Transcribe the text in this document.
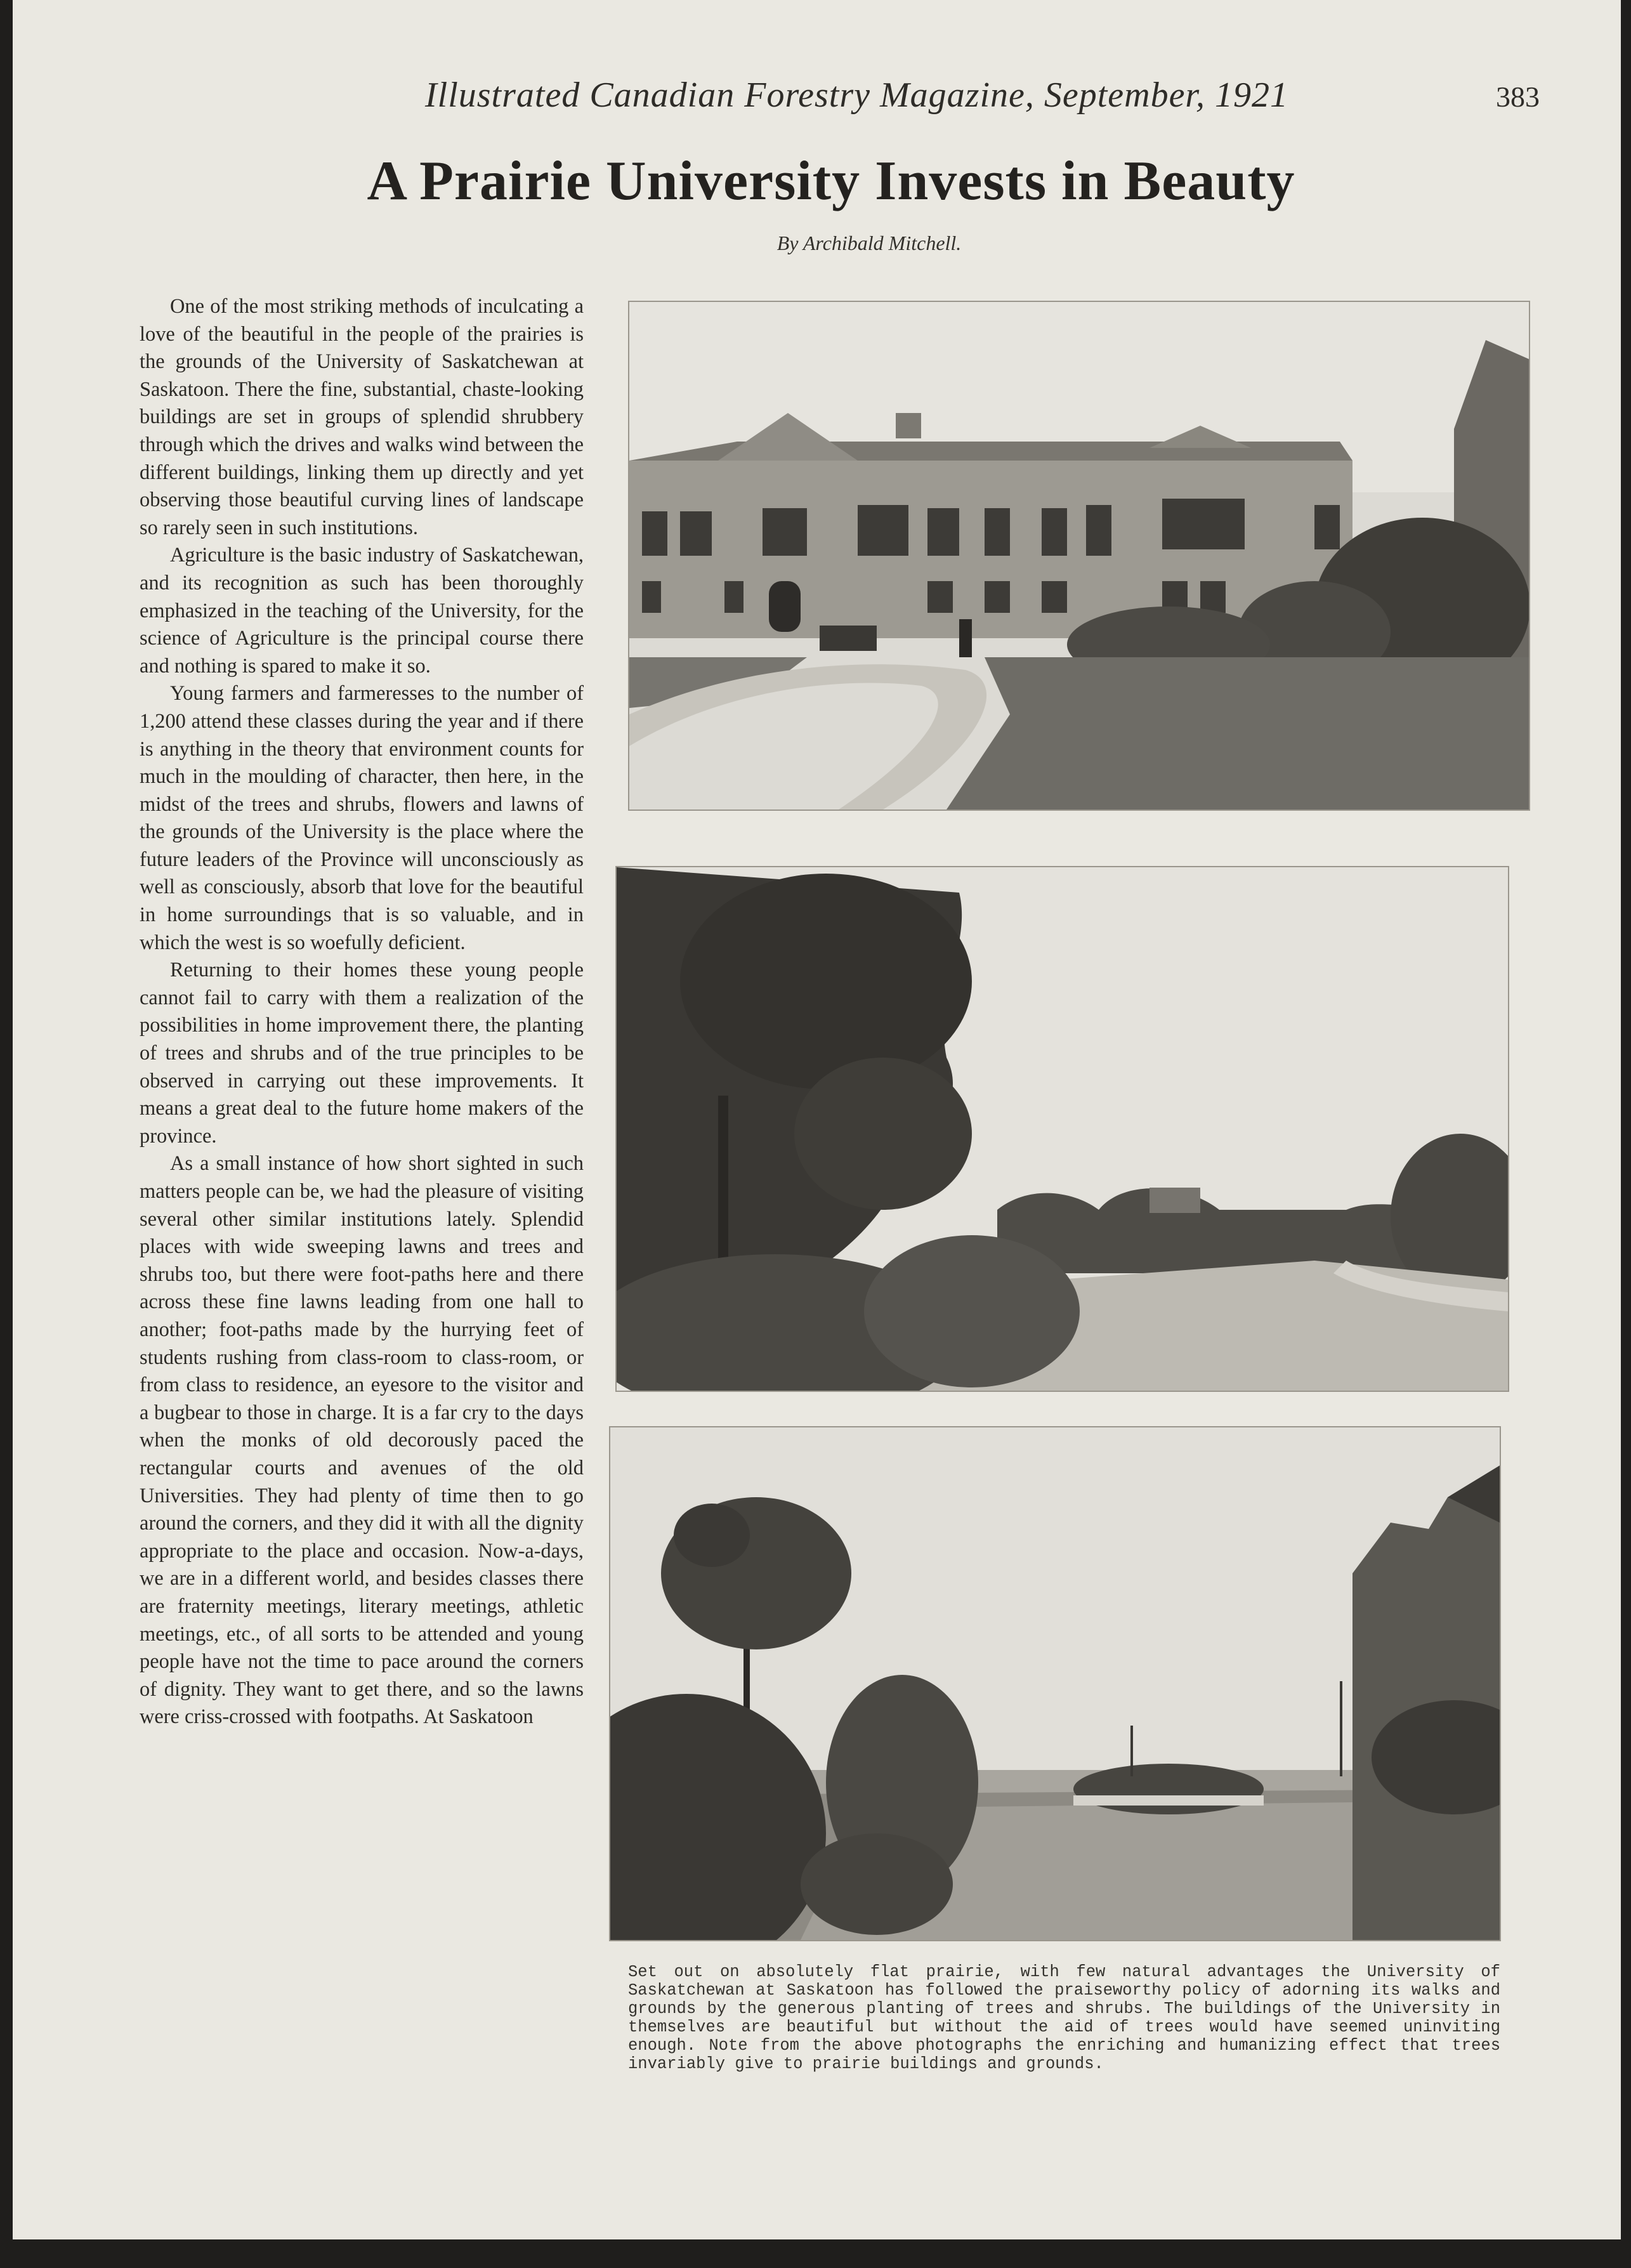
Illustrated Canadian Forestry Magazine, September, 1921	383
A Prairie University Invests in Beauty
By Archibald Mitchell.

One of the most striking methods of inculcating a love of the beautiful in the people of the prairies is the grounds of the University of Saskatchewan at Saskatoon. There the fine, substantial, chaste-looking buildings are set in groups of splendid shrubbery through which the drives and walks wind between the different buildings, linking them up directly and yet observing those beautiful curving lines of landscape so rarely seen in such institutions.

Agriculture is the basic industry of Saskatchewan, and its recognition as such has been thoroughly emphasized in the teaching of the University, for the science of Agriculture is the principal course there and nothing is spared to make it so.

Young farmers and farmeresses to the number of 1,200 attend these classes during the year and if there is anything in the theory that environment counts for much in the moulding of character, then here, in the midst of the trees and shrubs, flowers and lawns of the grounds of the University is the place where the future leaders of the Province will unconsciously as well as consciously, absorb that love for the beautiful in home surroundings that is so valuable, and in which the west is so woefully deficient.

Returning to their homes these young people cannot fail to carry with them a realization of the possibilities in home improvement there, the planting of trees and shrubs and of the true principles to be observed in carrying out these improvements. It means a great deal to the future home makers of the province.

As a small instance of how short sighted in such matters people can be, we had the pleasure of visiting several other similar institutions lately. Splendid places with wide sweeping lawns and trees and shrubs too, but there were foot-paths here and there across these fine lawns leading from one hall to another; foot-paths made by the hurrying feet of students rushing from class-room to class-room, or from class to residence, an eyesore to the visitor and a bugbear to those in charge. It is a far cry to the days when the monks of old decorously paced the rectangular courts and avenues of the old Universities. They had plenty of time then to go around the corners, and they did it with all the dignity appropriate to the place and occasion. Now-a-days, we are in a different world, and besides classes there are fraternity meetings, literary meetings, athletic meetings, etc., of all sorts to be attended and young people have not the time to pace around the corners of dignity. They want to get there, and so the lawns were criss-crossed with footpaths. At Saskatoon

Set out on absolutely flat prairie, with few natural advantages the University of Saskatchewan at Saskatoon has followed the praiseworthy policy of adorning its walks and grounds by the generous planting of trees and shrubs. The buildings of the University in themselves are beautiful but without the aid of trees would have seemed uninviting enough. Note from the above photographs the enriching and humanizing effect that trees invariably give to prairie buildings and grounds.
